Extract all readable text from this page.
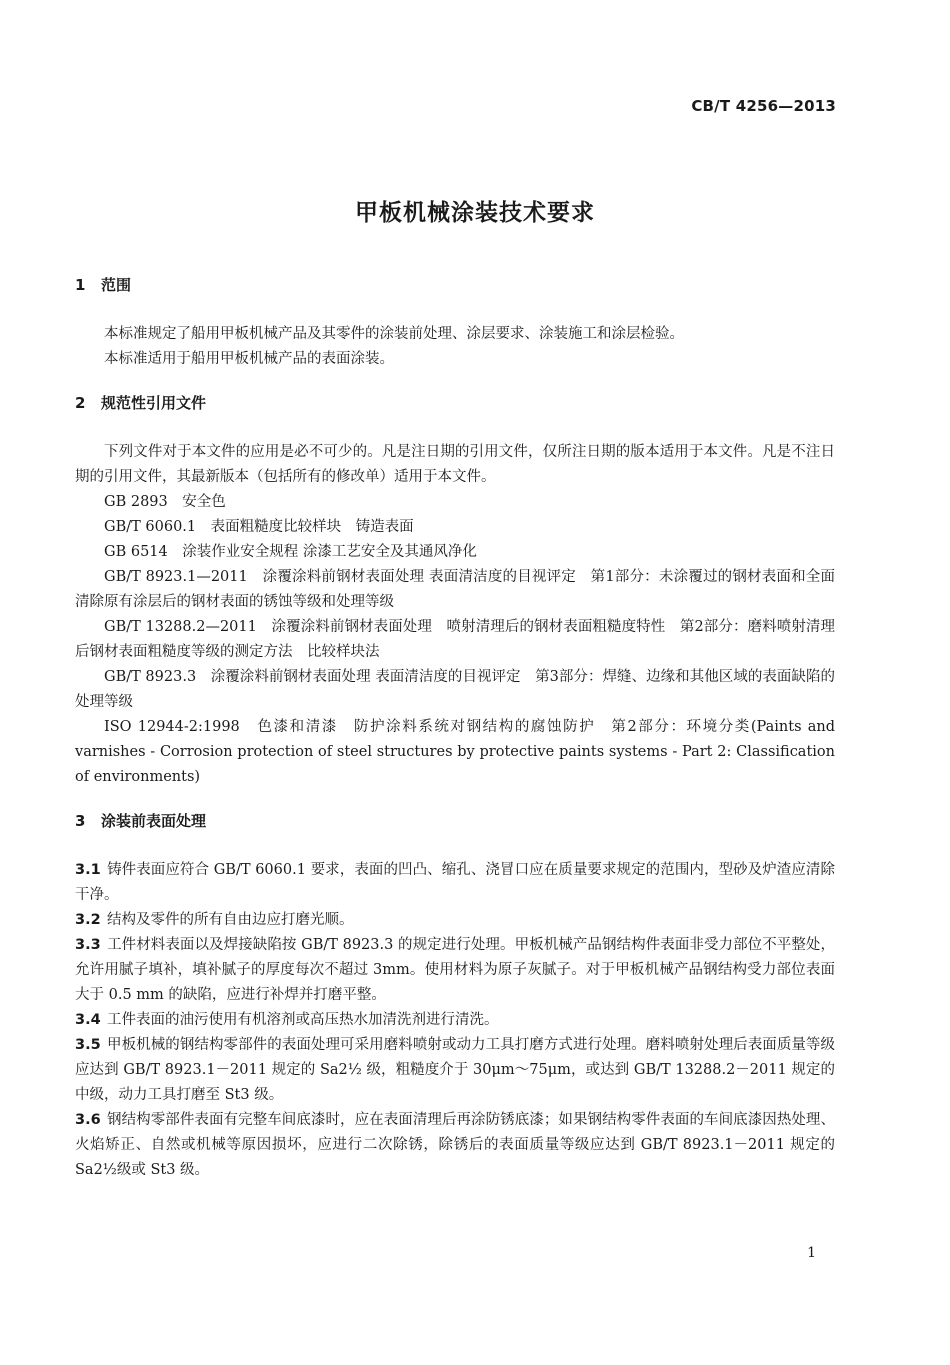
CB/T 4256—2013
甲板机械涂装技术要求
1 范围

本标准规定了船用甲板机械产品及其零件的涂装前处理、涂层要求、涂装施工和涂层检验。

本标准适用于船用甲板机械产品的表面涂装。

2 规范性引用文件

下列文件对于本文件的应用是必不可少的。凡是注日期的引用文件，仅所注日期的版本适用于本文件。凡是不注日期的引用文件，其最新版本（包括所有的修改单）适用于本文件。

GB 2893　安全色

GB/T 6060.1　表面粗糙度比较样块　铸造表面

GB 6514　涂装作业安全规程 涂漆工艺安全及其通风净化

GB/T 8923.1—2011　涂覆涂料前钢材表面处理 表面清洁度的目视评定　第1部分：未涂覆过的钢材表面和全面清除原有涂层后的钢材表面的锈蚀等级和处理等级

GB/T 13288.2—2011　涂覆涂料前钢材表面处理　喷射清理后的钢材表面粗糙度特性　第2部分：磨料喷射清理后钢材表面粗糙度等级的测定方法　比较样块法

GB/T 8923.3　涂覆涂料前钢材表面处理 表面清洁度的目视评定　第3部分：焊缝、边缘和其他区域的表面缺陷的处理等级

ISO 12944-2:1998　色漆和清漆　防护涂料系统对钢结构的腐蚀防护　第2部分：环境分类(Paints and varnishes - Corrosion protection of steel structures by protective paints systems - Part 2: Classification of environments)

3 涂装前表面处理

3.1 铸件表面应符合 GB/T 6060.1 要求，表面的凹凸、缩孔、浇冒口应在质量要求规定的范围内，型砂及炉渣应清除干净。

3.2 结构及零件的所有自由边应打磨光顺。

3.3 工件材料表面以及焊接缺陷按 GB/T 8923.3 的规定进行处理。甲板机械产品钢结构件表面非受力部位不平整处，允许用腻子填补，填补腻子的厚度每次不超过 3mm。使用材料为原子灰腻子。对于甲板机械产品钢结构受力部位表面大于 0.5 mm 的缺陷，应进行补焊并打磨平整。

3.4 工件表面的油污使用有机溶剂或高压热水加清洗剂进行清洗。

3.5 甲板机械的钢结构零部件的表面处理可采用磨料喷射或动力工具打磨方式进行处理。磨料喷射处理后表面质量等级应达到 GB/T 8923.1－2011 规定的 Sa2½ 级，粗糙度介于 30μm～75μm，或达到 GB/T 13288.2－2011 规定的中级，动力工具打磨至 St3 级。

3.6 钢结构零部件表面有完整车间底漆时，应在表面清理后再涂防锈底漆；如果钢结构零件表面的车间底漆因热处理、火焰矫正、自然或机械等原因损坏，应进行二次除锈，除锈后的表面质量等级应达到 GB/T 8923.1－2011 规定的 Sa2½级或 St3 级。

1
